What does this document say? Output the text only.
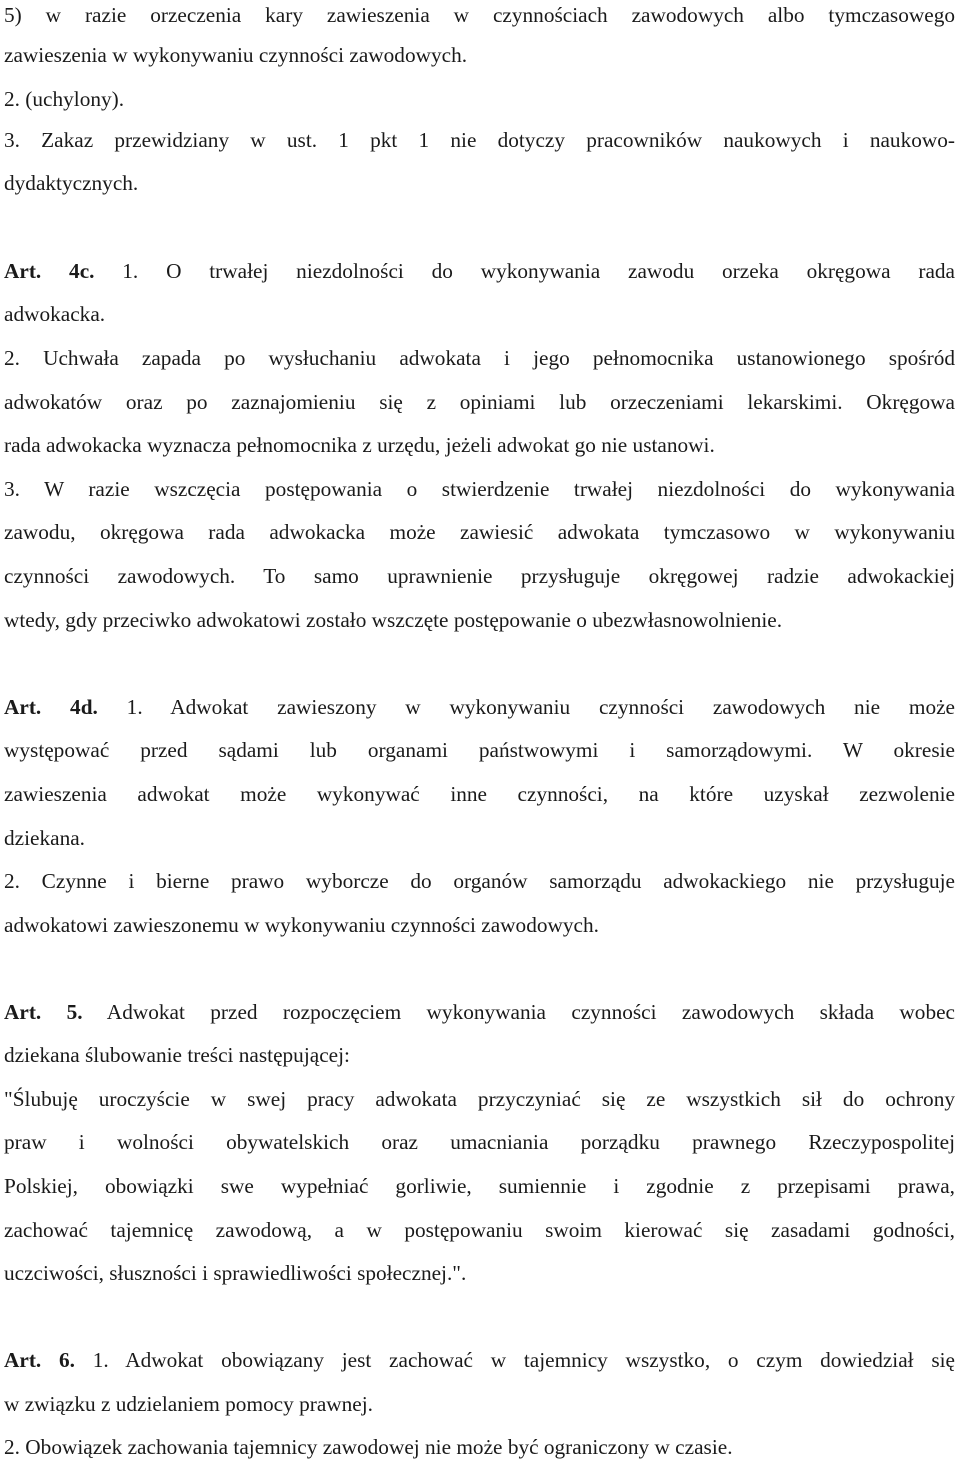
5) w razie orzeczenia kary zawieszenia w czynnościach zawodowych albo tymczasowego
zawieszenia w wykonywaniu czynności zawodowych.
2. (uchylony).
3. Zakaz przewidziany w ust. 1 pkt 1 nie dotyczy pracowników naukowych i naukowo-
dydaktycznych.
Art. 4c. 1. O trwałej niezdolności do wykonywania zawodu orzeka okręgowa rada
adwokacka.
2. Uchwała zapada po wysłuchaniu adwokata i jego pełnomocnika ustanowionego spośród
adwokatów oraz po zaznajomieniu się z opiniami lub orzeczeniami lekarskimi. Okręgowa
rada adwokacka wyznacza pełnomocnika z urzędu, jeżeli adwokat go nie ustanowi.
3. W razie wszczęcia postępowania o stwierdzenie trwałej niezdolności do wykonywania
zawodu, okręgowa rada adwokacka może zawiesić adwokata tymczasowo w wykonywaniu
czynności zawodowych. To samo uprawnienie przysługuje okręgowej radzie adwokackiej
wtedy, gdy przeciwko adwokatowi zostało wszczęte postępowanie o ubezwłasnowolnienie.
Art. 4d. 1. Adwokat zawieszony w wykonywaniu czynności zawodowych nie może
występować przed sądami lub organami państwowymi i samorządowymi. W okresie
zawieszenia adwokat może wykonywać inne czynności, na które uzyskał zezwolenie
dziekana.
2. Czynne i bierne prawo wyborcze do organów samorządu adwokackiego nie przysługuje
adwokatowi zawieszonemu w wykonywaniu czynności zawodowych.
Art. 5. Adwokat przed rozpoczęciem wykonywania czynności zawodowych składa wobec
dziekana ślubowanie treści następującej:
"Ślubuję uroczyście w swej pracy adwokata przyczyniać się ze wszystkich sił do ochrony
praw i wolności obywatelskich oraz umacniania porządku prawnego Rzeczypospolitej
Polskiej, obowiązki swe wypełniać gorliwie, sumiennie i zgodnie z przepisami prawa,
zachować tajemnicę zawodową, a w postępowaniu swoim kierować się zasadami godności,
uczciwości, słuszności i sprawiedliwości społecznej.".
Art. 6. 1. Adwokat obowiązany jest zachować w tajemnicy wszystko, o czym dowiedział się
w związku z udzielaniem pomocy prawnej.
2. Obowiązek zachowania tajemnicy zawodowej nie może być ograniczony w czasie.
